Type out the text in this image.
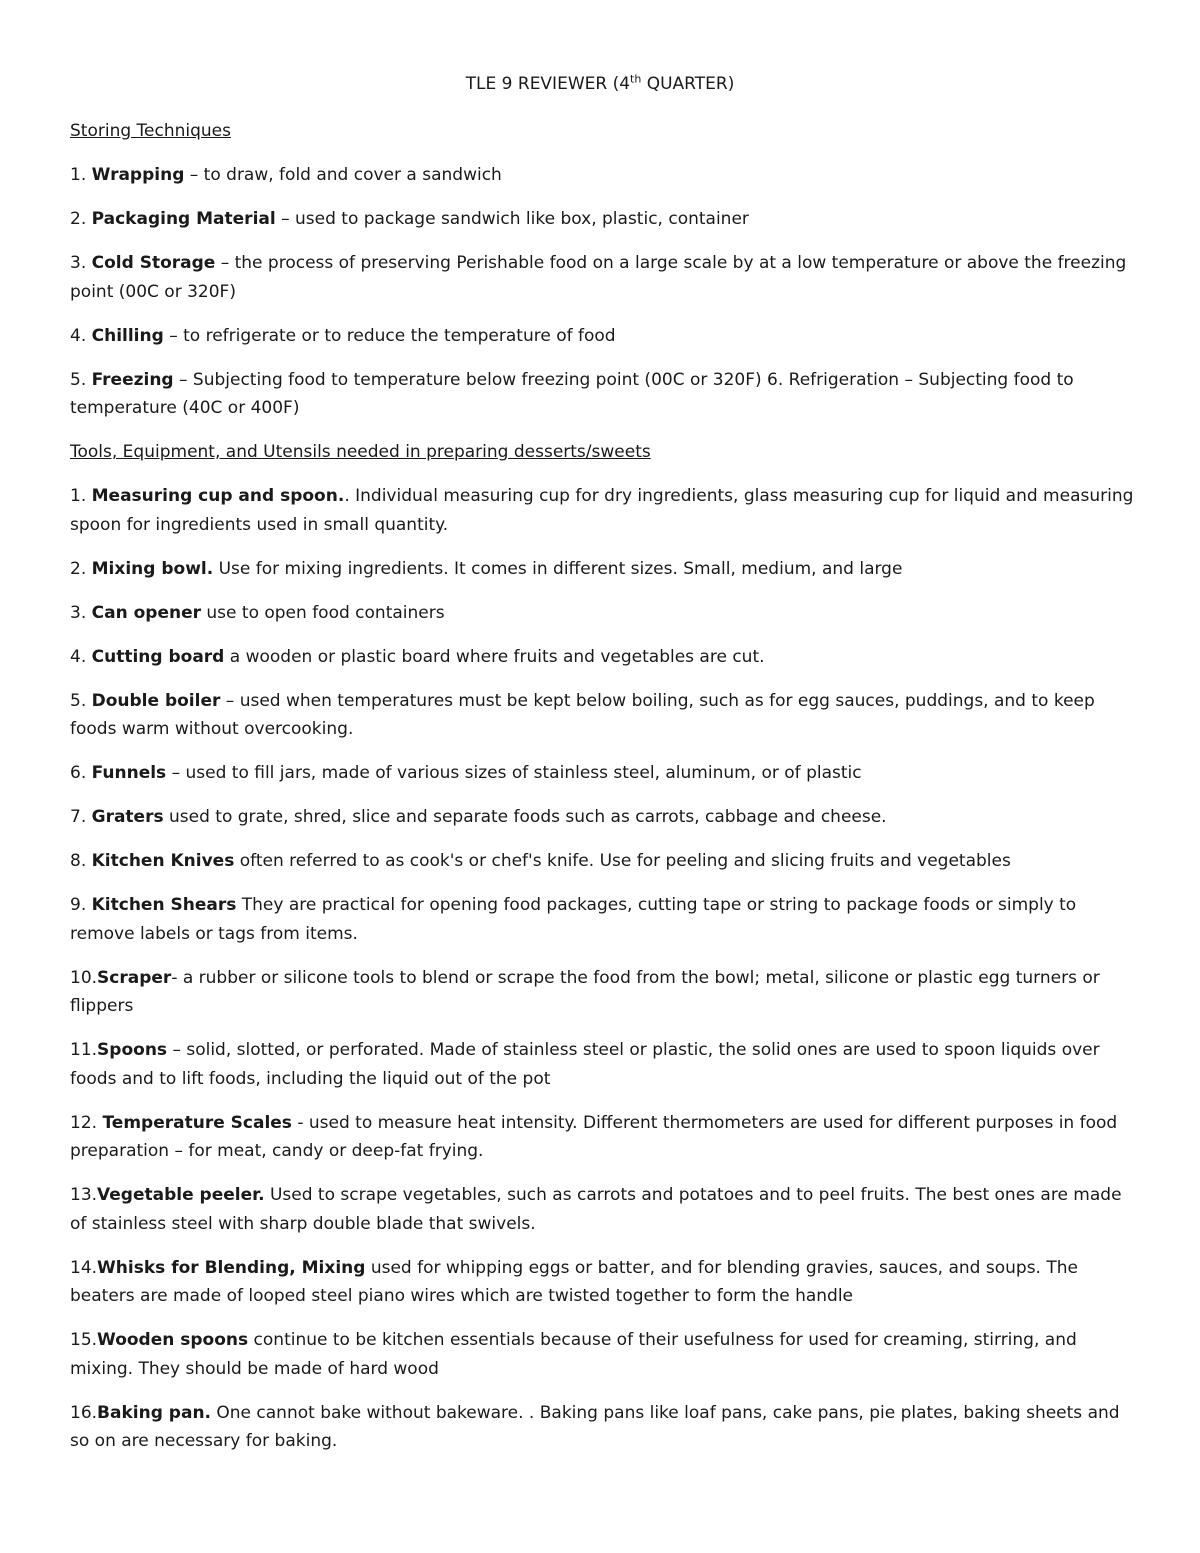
TLE 9 REVIEWER (4th QUARTER)
Storing Techniques
1. Wrapping – to draw, fold and cover a sandwich
2. Packaging Material – used to package sandwich like box, plastic, container
3. Cold Storage – the process of preserving Perishable food on a large scale by at a low temperature or above the freezing point (00C or 320F)
4. Chilling – to refrigerate or to reduce the temperature of food
5. Freezing – Subjecting food to temperature below freezing point (00C or 320F) 6. Refrigeration – Subjecting food to temperature (40C or 400F)
Tools, Equipment, and Utensils needed in preparing desserts/sweets
1. Measuring cup and spoon.. Individual measuring cup for dry ingredients, glass measuring cup for liquid and measuring spoon for ingredients used in small quantity.
2. Mixing bowl. Use for mixing ingredients. It comes in different sizes. Small, medium, and large
3. Can opener use to open food containers
4. Cutting board a wooden or plastic board where fruits and vegetables are cut.
5. Double boiler – used when temperatures must be kept below boiling, such as for egg sauces, puddings, and to keep foods warm without overcooking.
6. Funnels – used to fill jars, made of various sizes of stainless steel, aluminum, or of plastic
7. Graters used to grate, shred, slice and separate foods such as carrots, cabbage and cheese.
8. Kitchen Knives often referred to as cook's or chef's knife. Use for peeling and slicing fruits and vegetables
9. Kitchen Shears They are practical for opening food packages, cutting tape or string to package foods or simply to remove labels or tags from items.
10.Scraper- a rubber or silicone tools to blend or scrape the food from the bowl; metal, silicone or plastic egg turners or flippers
11.Spoons – solid, slotted, or perforated. Made of stainless steel or plastic, the solid ones are used to spoon liquids over foods and to lift foods, including the liquid out of the pot
12. Temperature Scales - used to measure heat intensity. Different thermometers are used for different purposes in food preparation – for meat, candy or deep-fat frying.
13.Vegetable peeler. Used to scrape vegetables, such as carrots and potatoes and to peel fruits. The best ones are made of stainless steel with sharp double blade that swivels.
14.Whisks for Blending, Mixing used for whipping eggs or batter, and for blending gravies, sauces, and soups. The beaters are made of looped steel piano wires which are twisted together to form the handle
15.Wooden spoons continue to be kitchen essentials because of their usefulness for used for creaming, stirring, and mixing. They should be made of hard wood
16.Baking pan. One cannot bake without bakeware. . Baking pans like loaf pans, cake pans, pie plates, baking sheets and so on are necessary for baking.
